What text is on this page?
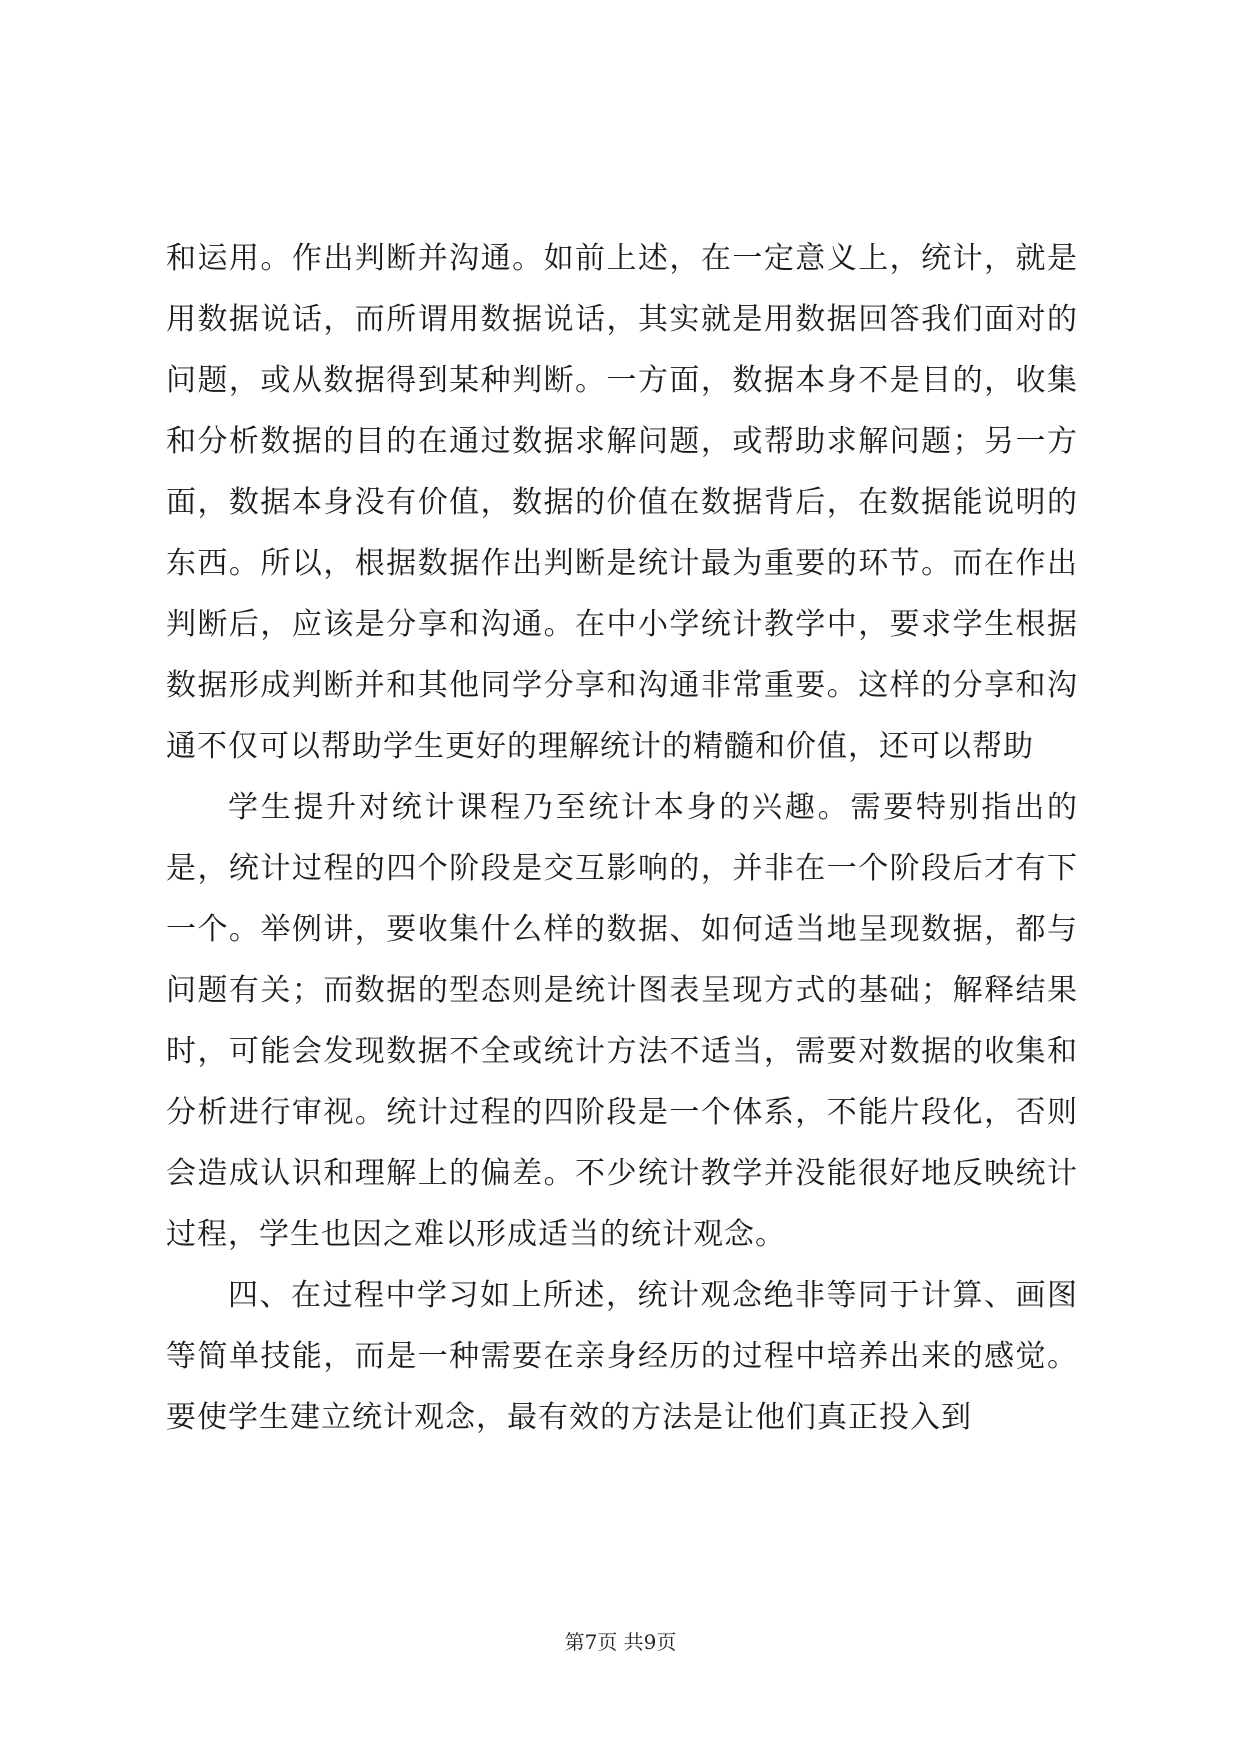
和运用。作出判断并沟通。如前上述，在一定意义上，统计，就是用数据说话，而所谓用数据说话，其实就是用数据回答我们面对的问题，或从数据得到某种判断。一方面，数据本身不是目的，收集和分析数据的目的在通过数据求解问题，或帮助求解问题；另一方面，数据本身没有价值，数据的价值在数据背后，在数据能说明的东西。所以，根据数据作出判断是统计最为重要的环节。而在作出判断后，应该是分享和沟通。在中小学统计教学中，要求学生根据数据形成判断并和其他同学分享和沟通非常重要。这样的分享和沟通不仅可以帮助学生更好的理解统计的精髓和价值，还可以帮助

学生提升对统计课程乃至统计本身的兴趣。需要特别指出的是，统计过程的四个阶段是交互影响的，并非在一个阶段后才有下一个。举例讲，要收集什么样的数据、如何适当地呈现数据，都与问题有关；而数据的型态则是统计图表呈现方式的基础；解释结果时，可能会发现数据不全或统计方法不适当，需要对数据的收集和分析进行审视。统计过程的四阶段是一个体系，不能片段化，否则会造成认识和理解上的偏差。不少统计教学并没能很好地反映统计过程，学生也因之难以形成适当的统计观念。

四、在过程中学习如上所述，统计观念绝非等同于计算、画图等简单技能，而是一种需要在亲身经历的过程中培养出来的感觉。要使学生建立统计观念，最有效的方法是让他们真正投入到

第7页 共9页
